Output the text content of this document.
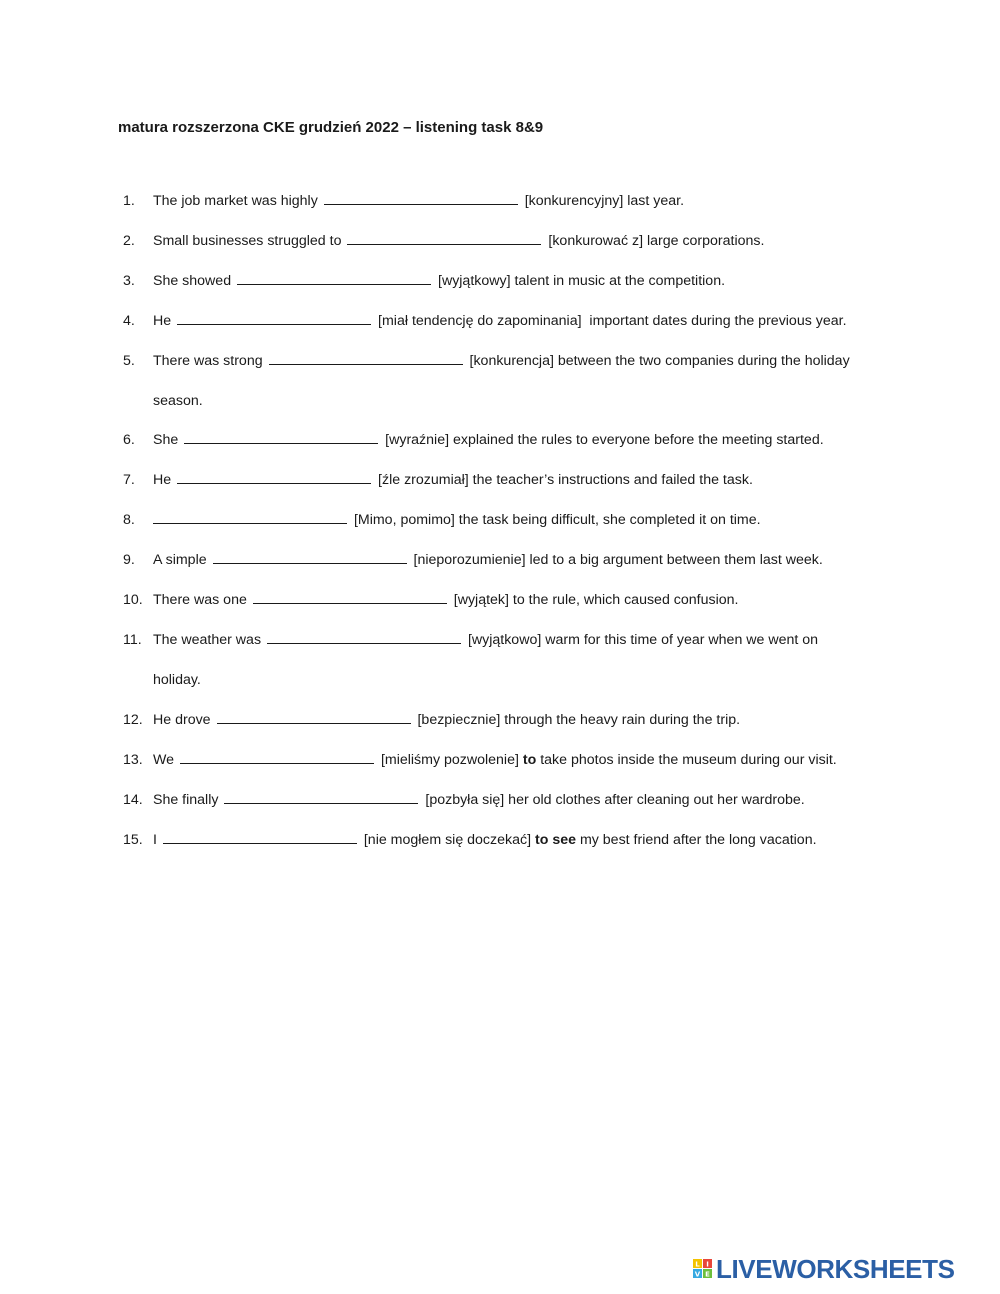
matura rozszerzona CKE grudzień 2022 – listening task 8&9
1.	The job market was highly	[konkurencyjny] last year.
2.	Small businesses struggled to	[konkurować z] large corporations.
3.	She showed	[wyjątkowy] talent in music at the competition.
4.	He	[miał tendencję do zapominania]  important dates during the previous year.
5.	There was strong	[konkurencja] between the two companies during the holiday
season.
6.	She	[wyraźnie] explained the rules to everyone before the meeting started.
7.	He	[źle zrozumiał] the teacher’s instructions and failed the task.
8.	[Mimo, pomimo] the task being difficult, she completed it on time.
9.	A simple	[nieporozumienie] led to a big argument between them last week.
10. There was one	[wyjątek] to the rule, which caused confusion.
11. The weather was	[wyjątkowo] warm for this time of year when we went on
holiday.
12. He drove	[bezpiecznie] through the heavy rain during the trip.
13. We	[mieliśmy pozwolenie] to take photos inside the museum during our visit.
14. She finally	[pozbyła się] her old clothes after cleaning out her wardrobe.
15. I	[nie mogłem się doczekać] to see my best friend after the long vacation.
L I
V E LIVEWORKSHEETS
